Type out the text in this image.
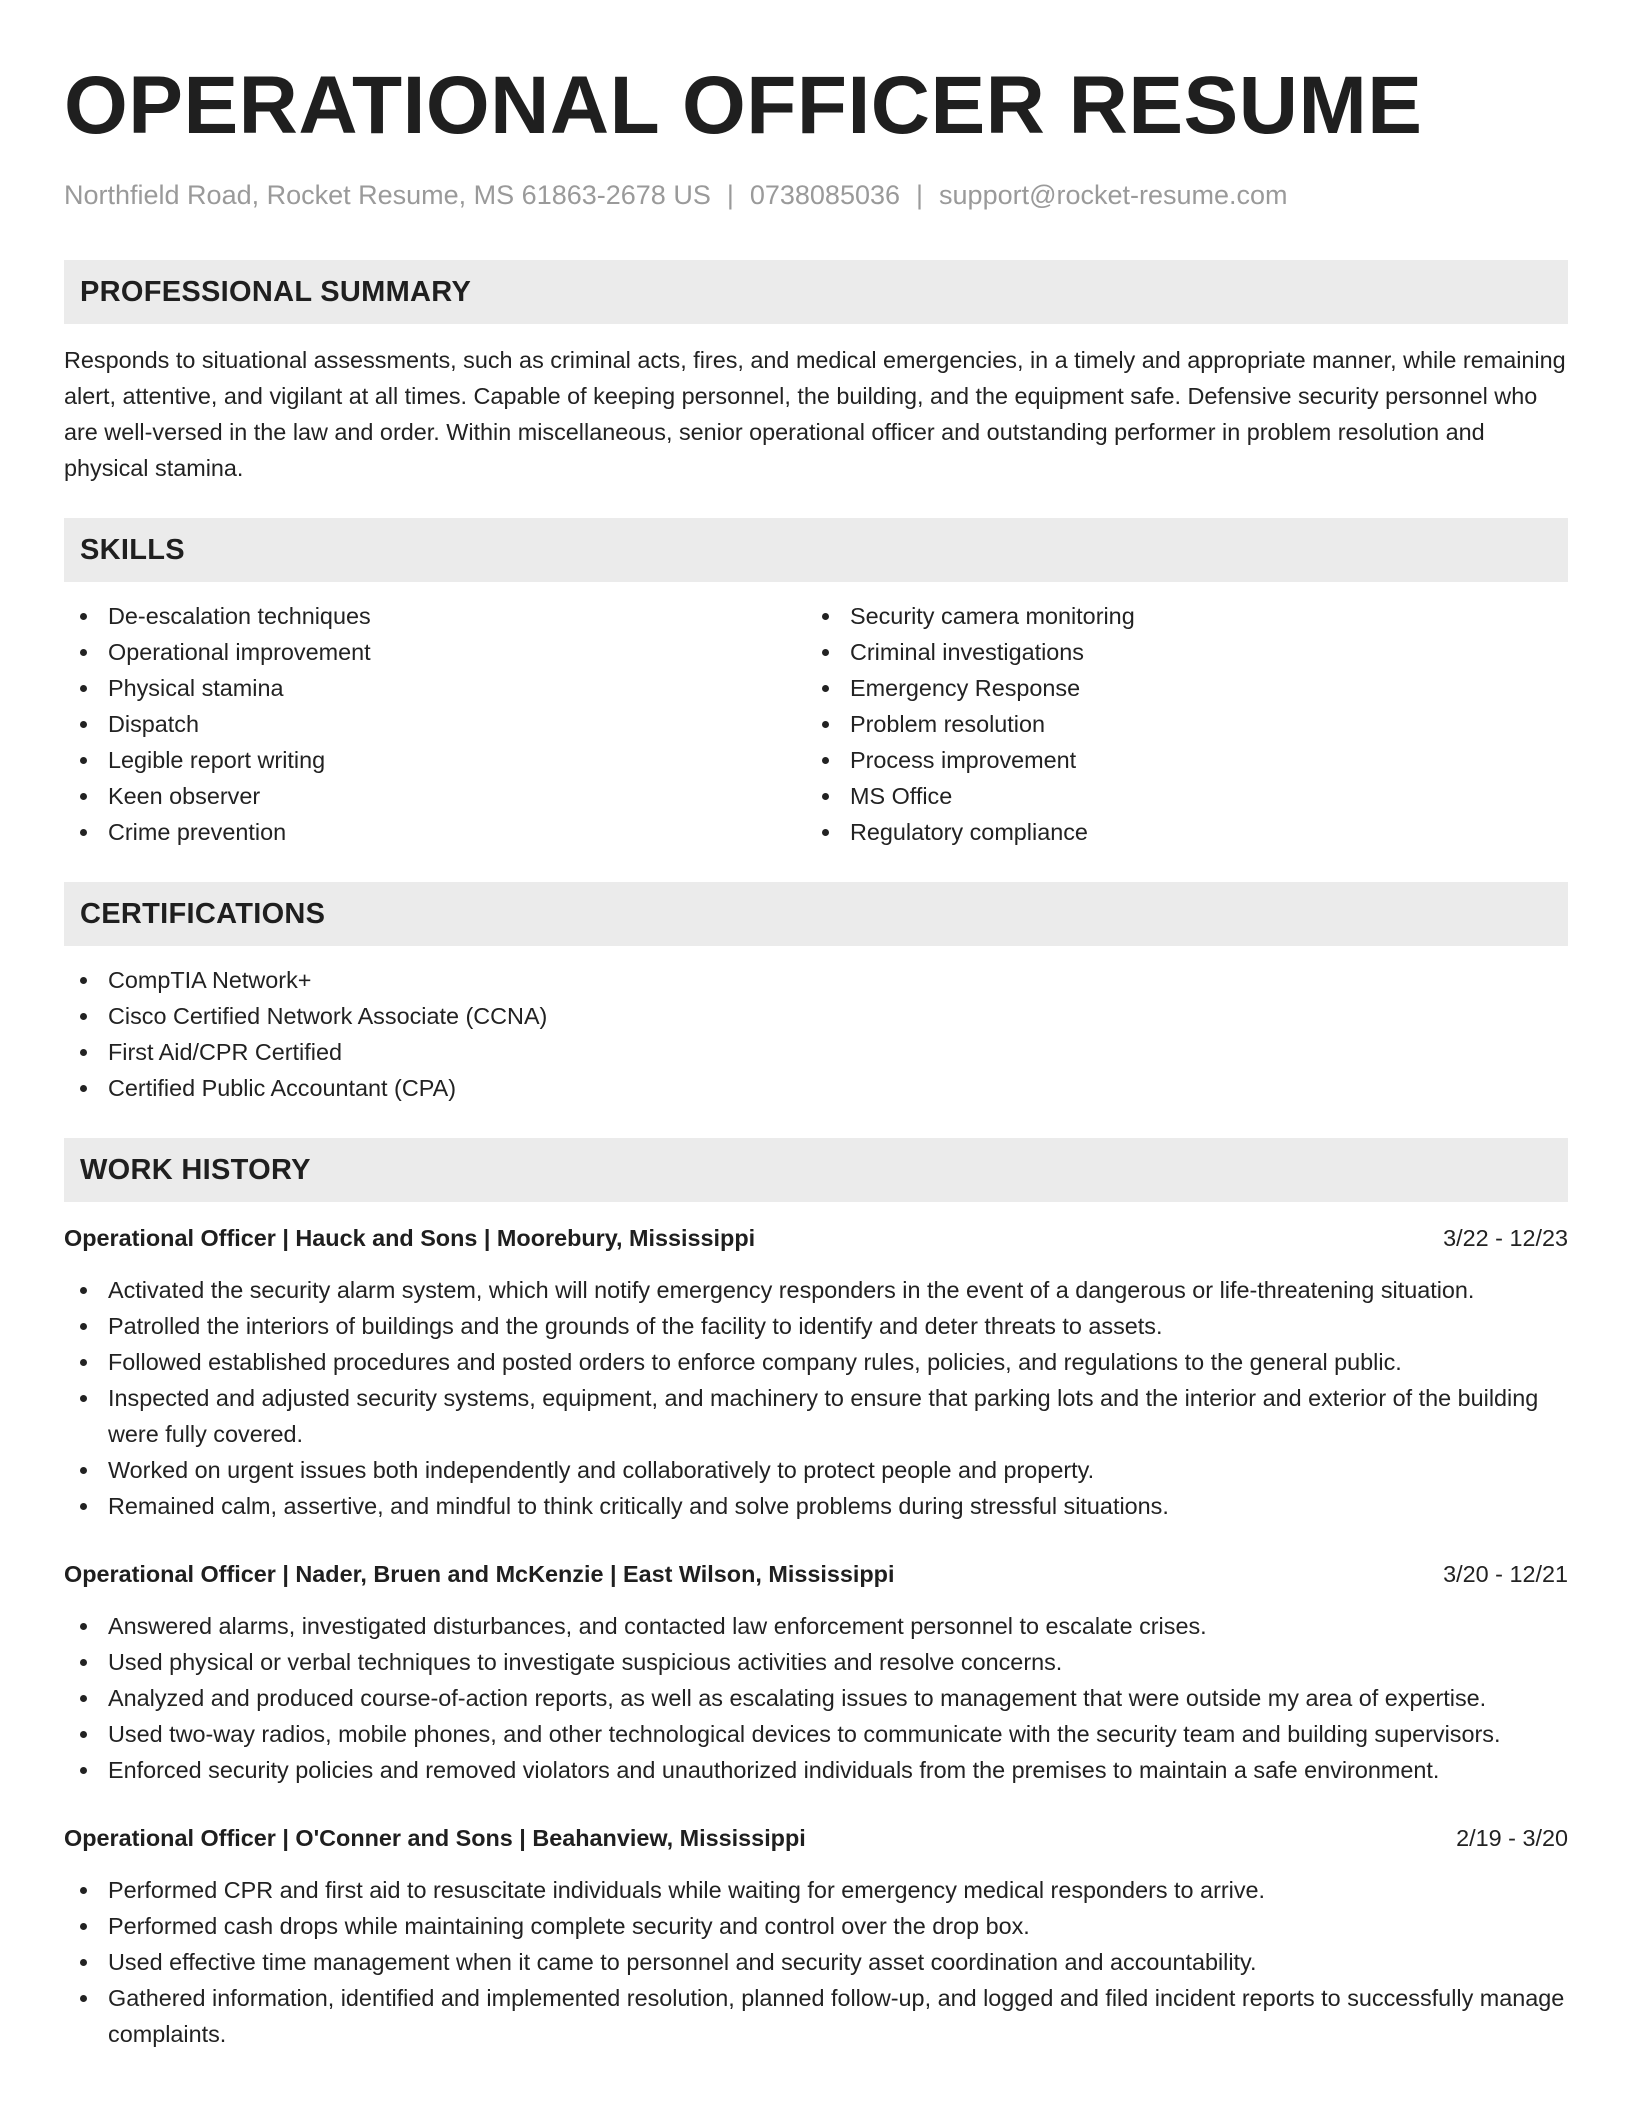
OPERATIONAL OFFICER RESUME
Northfield Road, Rocket Resume, MS 61863-2678 US | 0738085036 | support@rocket-resume.com
PROFESSIONAL SUMMARY

Responds to situational assessments, such as criminal acts, fires, and medical emergencies, in a timely and appropriate manner, while remaining alert, attentive, and vigilant at all times. Capable of keeping personnel, the building, and the equipment safe. Defensive security personnel who are well-versed in the law and order. Within miscellaneous, senior operational officer and outstanding performer in problem resolution and physical stamina.

SKILLS
De-escalation techniques
Operational improvement
Physical stamina
Dispatch
Legible report writing
Keen observer
Crime prevention
Security camera monitoring
Criminal investigations
Emergency Response
Problem resolution
Process improvement
MS Office
Regulatory compliance
CERTIFICATIONS
CompTIA Network+
Cisco Certified Network Associate (CCNA)
First Aid/CPR Certified
Certified Public Accountant (CPA)
WORK HISTORY
Operational Officer | Hauck and Sons | Moorebury, Mississippi	3/22 - 12/23
Activated the security alarm system, which will notify emergency responders in the event of a dangerous or life-threatening situation.
Patrolled the interiors of buildings and the grounds of the facility to identify and deter threats to assets.
Followed established procedures and posted orders to enforce company rules, policies, and regulations to the general public.
Inspected and adjusted security systems, equipment, and machinery to ensure that parking lots and the interior and exterior of the building were fully covered.
Worked on urgent issues both independently and collaboratively to protect people and property.
Remained calm, assertive, and mindful to think critically and solve problems during stressful situations.
Operational Officer | Nader, Bruen and McKenzie | East Wilson, Mississippi	3/20 - 12/21
Answered alarms, investigated disturbances, and contacted law enforcement personnel to escalate crises.
Used physical or verbal techniques to investigate suspicious activities and resolve concerns.
Analyzed and produced course-of-action reports, as well as escalating issues to management that were outside my area of expertise.
Used two-way radios, mobile phones, and other technological devices to communicate with the security team and building supervisors.
Enforced security policies and removed violators and unauthorized individuals from the premises to maintain a safe environment.
Operational Officer | O'Conner and Sons | Beahanview, Mississippi	2/19 - 3/20
Performed CPR and first aid to resuscitate individuals while waiting for emergency medical responders to arrive.
Performed cash drops while maintaining complete security and control over the drop box.
Used effective time management when it came to personnel and security asset coordination and accountability.
Gathered information, identified and implemented resolution, planned follow-up, and logged and filed incident reports to successfully manage complaints.
